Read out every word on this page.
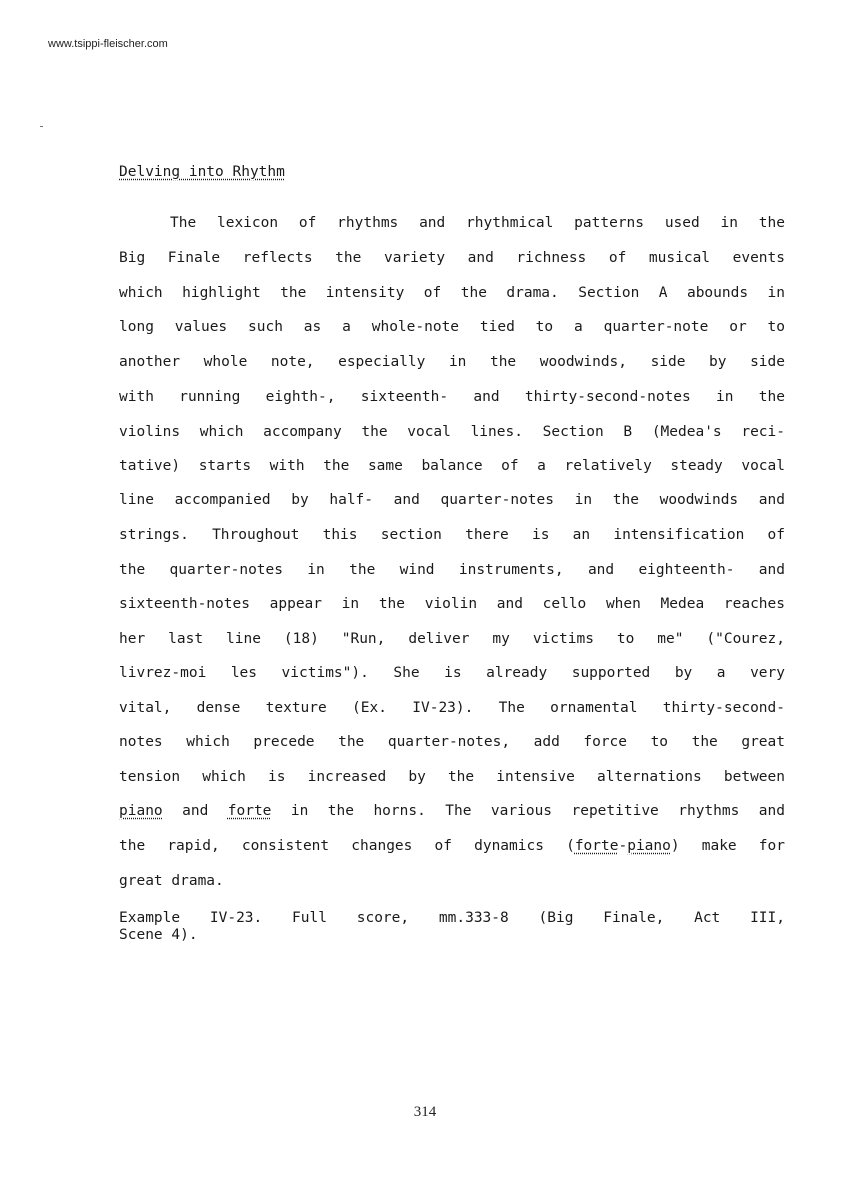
www.tsippi-fleischer.com
Delving into Rhythm
The lexicon of rhythms and rhythmical patterns used in the
Big Finale reflects the variety and richness of musical events
which highlight the intensity of the drama. Section A abounds in
long values such as a whole-note tied to a quarter-note or to
another whole note, especially in the woodwinds, side by side
with running eighth-, sixteenth- and thirty-second-notes in the
violins which accompany the vocal lines. Section B (Medea's reci-
tative) starts with the same balance of a relatively steady vocal
line accompanied by half- and quarter-notes in the woodwinds and
strings. Throughout this section there is an intensification of
the quarter-notes in the wind instruments, and eighteenth- and
sixteenth-notes appear in the violin and cello when Medea reaches
her last line (18) "Run, deliver my victims to me" ("Courez,
livrez-moi les victims"). She is already supported by a very
vital, dense texture (Ex. IV-23). The ornamental thirty-second-
notes which precede the quarter-notes, add force to the great
tension which is increased by the intensive alternations between
piano and forte in the horns. The various repetitive rhythms and
the rapid, consistent changes of dynamics (forte-piano) make for
great drama.
Example IV-23. Full score, mm.333-8 (Big Finale, Act III,
Scene 4).
314
